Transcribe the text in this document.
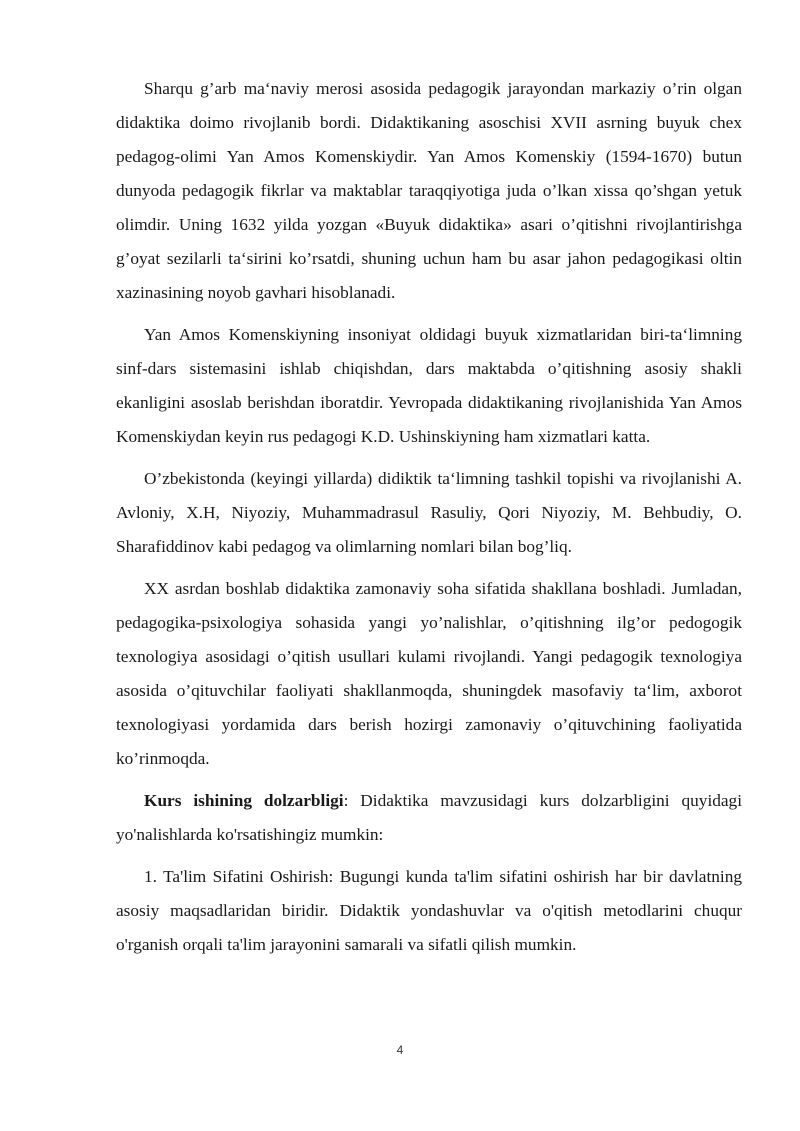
Sharqu g’arb ma‘naviy merosi asosida pedagogik jarayondan markaziy o’rin olgan didaktika doimo rivojlanib bordi. Didaktikaning asoschisi XVII asrning buyuk chex pedagog-olimi Yan Amos Komenskiydir. Yan Amos Komenskiy (1594-1670) butun dunyoda pedagogik fikrlar va maktablar taraqqiyotiga juda o’lkan xissa qo’shgan yetuk olimdir. Uning 1632 yilda yozgan «Buyuk didaktika» asari o’qitishni rivojlantirishga g’oyat sezilarli ta‘sirini ko’rsatdi, shuning uchun ham bu asar jahon pedagogikasi oltin xazinasining noyob gavhari hisoblanadi.

Yan Amos Komenskiyning insoniyat oldidagi buyuk xizmatlaridan biri-ta‘limning sinf-dars sistemasini ishlab chiqishdan, dars maktabda o’qitishning asosiy shakli ekanligini asoslab berishdan iboratdir. Yevropada didaktikaning rivojlanishida Yan Amos Komenskiydan keyin rus pedagogi K.D. Ushinskiyning ham xizmatlari katta.

O’zbekistonda (keyingi yillarda) didiktik ta‘limning tashkil topishi va rivojlanishi A. Avloniy, X.H, Niyoziy, Muhammadrasul Rasuliy, Qori Niyoziy, M. Behbudiy, O. Sharafiddinov kabi pedagog va olimlarning nomlari bilan bog’liq.

XX asrdan boshlab didaktika zamonaviy soha sifatida shakllana boshladi. Jumladan, pedagogika-psixologiya sohasida yangi yo’nalishlar, o’qitishning ilg’or pedogogik texnologiya asosidagi o’qitish usullari kulami rivojlandi. Yangi pedagogik texnologiya asosida o’qituvchilar faoliyati shakllanmoqda, shuningdek masofaviy ta‘lim, axborot texnologiyasi yordamida dars berish hozirgi zamonaviy o’qituvchining faoliyatida ko’rinmoqda.

Kurs ishining dolzarbligi: Didaktika mavzusidagi kurs dolzarbligini quyidagi yo'nalishlarda ko'rsatishingiz mumkin:

1. Ta'lim Sifatini Oshirish: Bugungi kunda ta'lim sifatini oshirish har bir davlatning asosiy maqsadlaridan biridir. Didaktik yondashuvlar va o'qitish metodlarini chuqur o'rganish orqali ta'lim jarayonini samarali va sifatli qilish mumkin.

4
